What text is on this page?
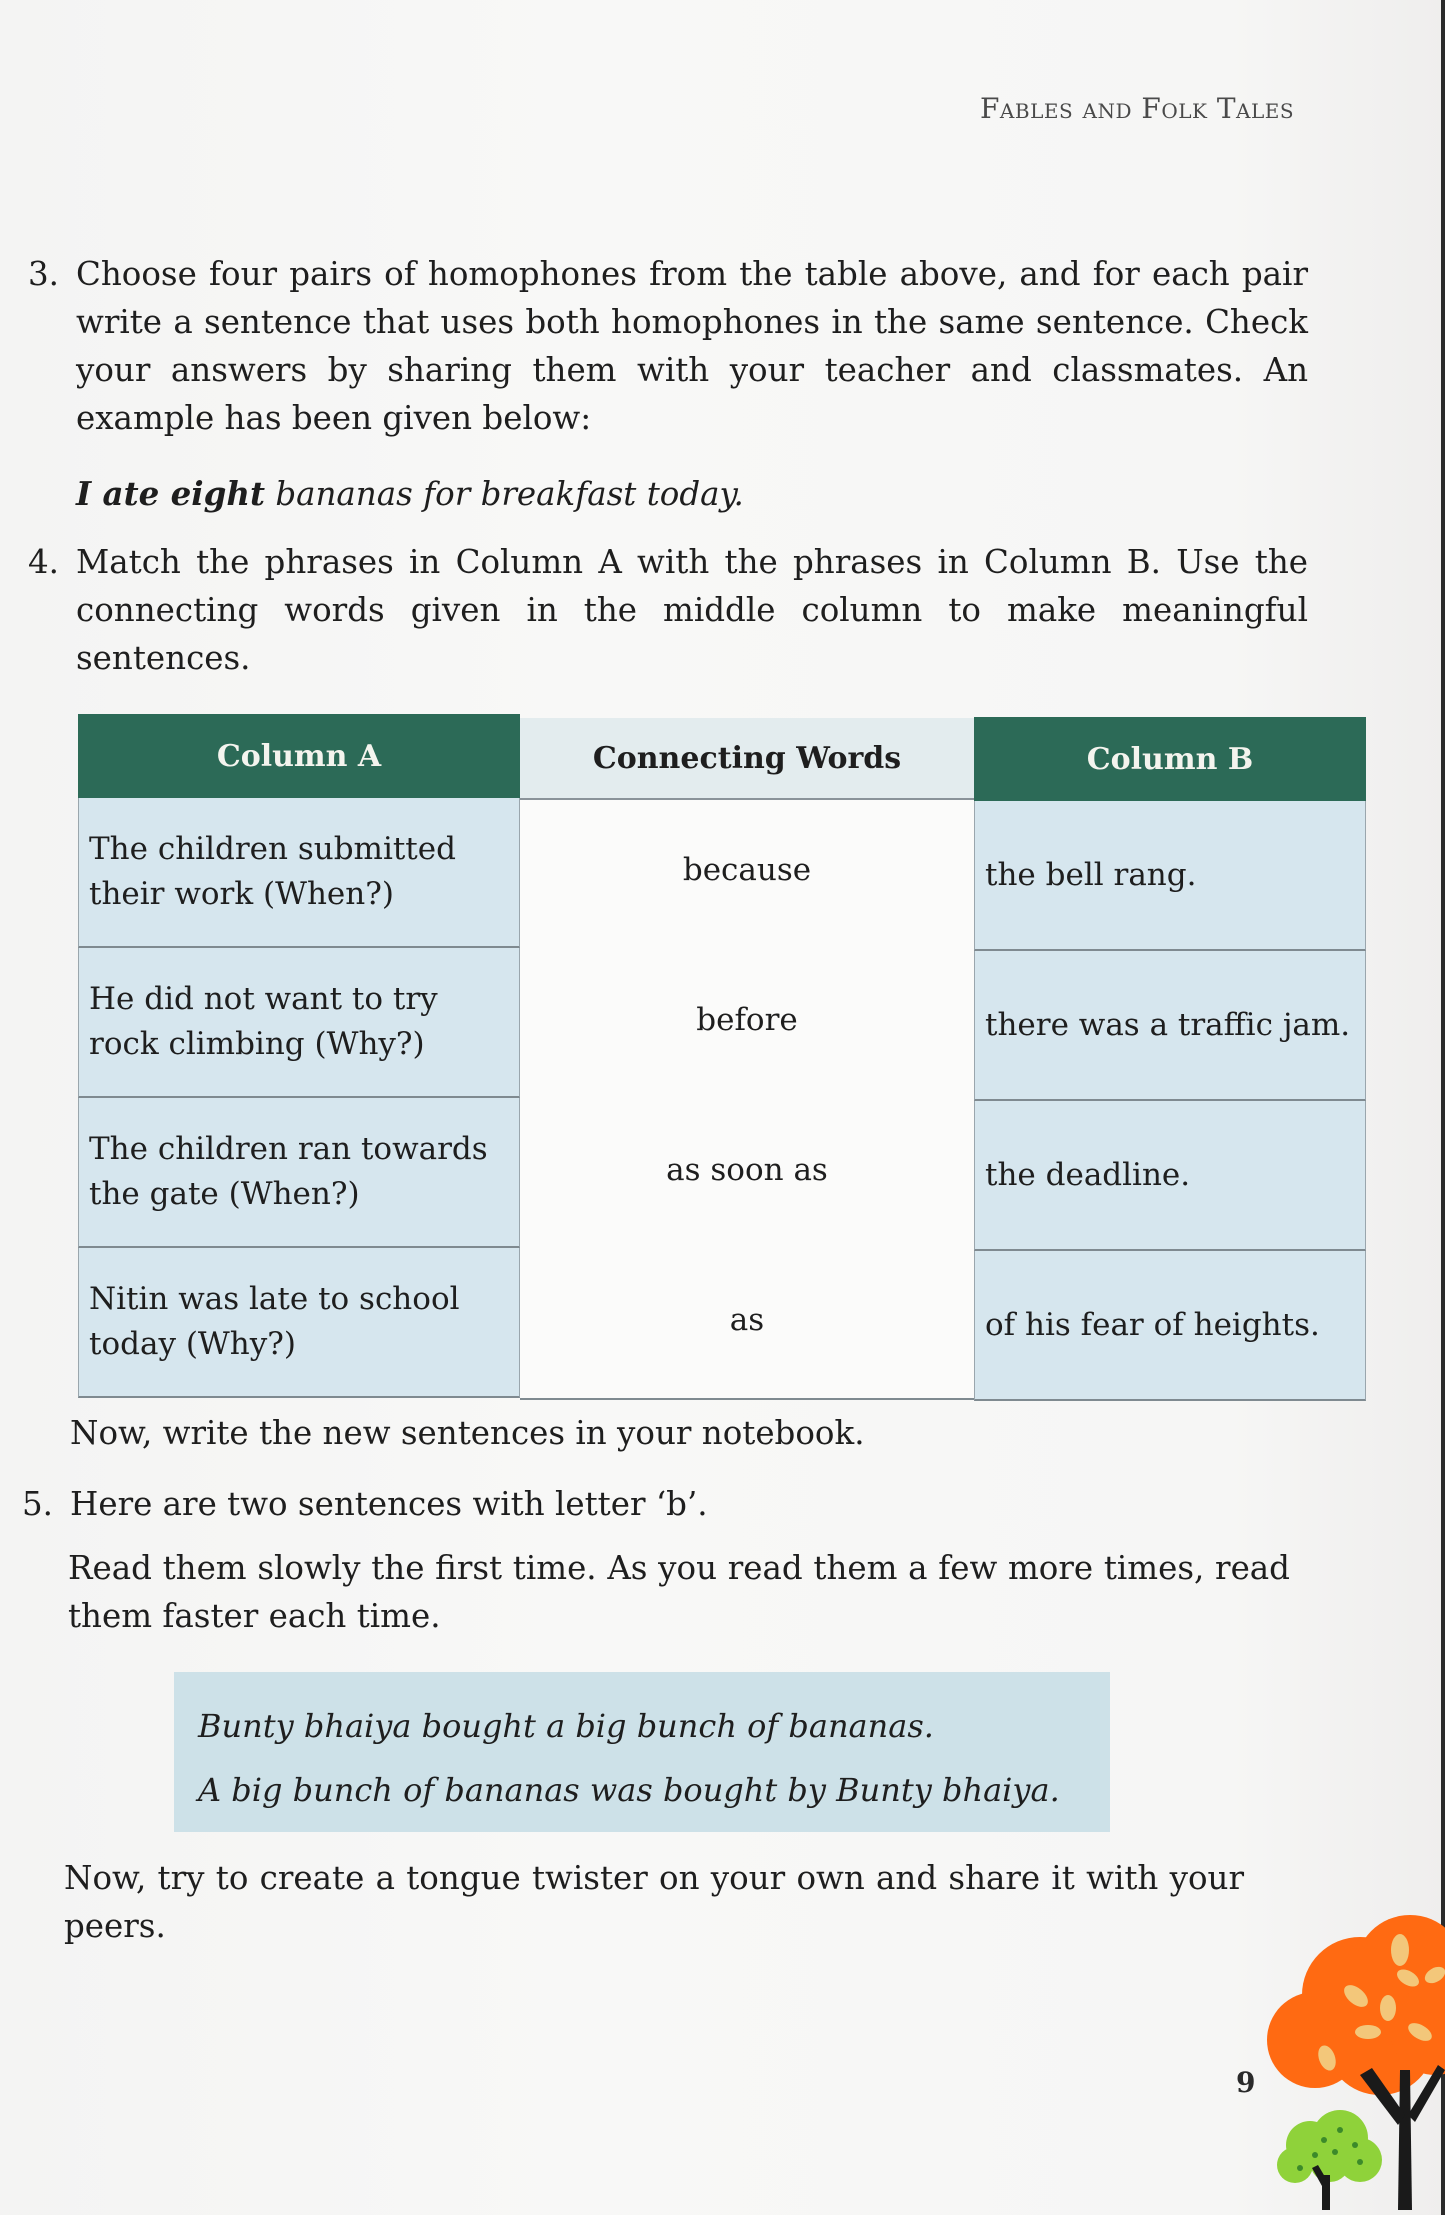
Fables and Folk Tales
3. Choose four pairs of homophones from the table above, and for each pair write a sentence that uses both homophones in the same sentence. Check your answers by sharing them with your teacher and classmates. An example has been given below:
I ate eight bananas for breakfast today.
4. Match the phrases in Column A with the phrases in Column B. Use the connecting words given in the middle column to make meaningful sentences.
Column A
The children submitted their work (When?)
He did not want to try rock climbing (Why?)
The children ran towards the gate (When?)
Nitin was late to school today (Why?)
Connecting Words
because
before
as soon as
as
Column B
the bell rang.
there was a traffic jam.
the deadline.
of his fear of heights.
Now, write the new sentences in your notebook.
5. Here are two sentences with letter ‘b’.
Read them slowly the first time. As you read them a few more times, read them faster each time.
Bunty bhaiya bought a big bunch of bananas.
A big bunch of bananas was bought by Bunty bhaiya.
Now, try to create a tongue twister on your own and share it with your peers.
9
